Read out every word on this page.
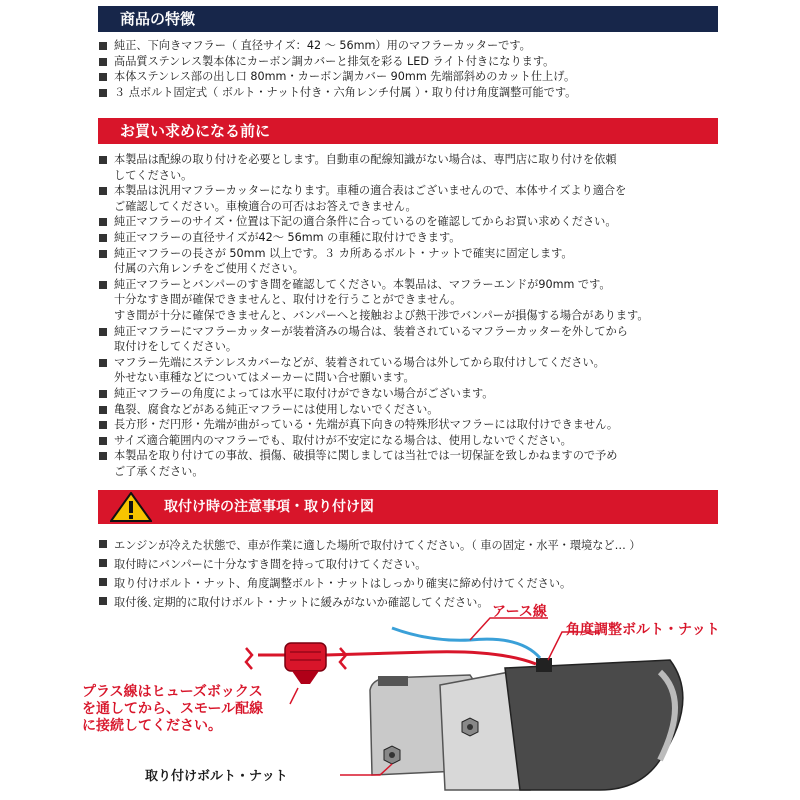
商品の特徴
純正、下向きマフラー（ 直径サイズ：42 ～ 56mm）用のマフラーカッターです。
高品質ステンレス製本体にカーボン調カバーと排気を彩る LED ライト付きになります。
本体ステンレス部の出し口 80mm・カーボン調カバー 90mm 先端部斜めのカット仕上げ。
３ 点ボルト固定式（ ボルト・ナット付き・六角レンチ付属 ）・取り付け角度調整可能です。
お買い求めになる前に
本製品は配線の取り付けを必要とします。自動車の配線知識がない場合は、専門店に取り付けを依頼
してください。
本製品は汎用マフラーカッターになります。車種の適合表はございませんので、本体サイズより適合を
ご確認してください。車検適合の可否はお答えできません。
純正マフラーのサイズ・位置は下記の適合条件に合っているのを確認してからお買い求めください。
純正マフラーの直径サイズが42～ 56mm の車種に取付けできます。
純正マフラーの長さが 50mm 以上です。３ カ所あるボルト・ナットで確実に固定します。
付属の六角レンチをご使用ください。
純正マフラーとバンパーのすき間を確認してください。本製品は、マフラーエンドが90mm です。
十分なすき間が確保できませんと、取付けを行うことができません。
すき間が十分に確保できませんと、バンパーへと接触および熱干渉でバンパーが損傷する場合があります。
純正マフラーにマフラーカッターが装着済みの場合は、装着されているマフラーカッターを外してから
取付けをしてください。
マフラー先端にステンレスカバーなどが、装着されている場合は外してから取付けしてください。
外せない車種などについてはメーカーに問い合せ願います。
純正マフラーの角度によっては水平に取付けができない場合がございます。
亀裂、腐食などがある純正マフラーには使用しないでください。
長方形・だ円形・先端が曲がっている・先端が真下向きの特殊形状マフラーには取付けできません。
サイズ適合範囲内のマフラーでも、取付けが不安定になる場合は、使用しないでください。
本製品を取り付けての事故、損傷、破損等に関しましては当社では一切保証を致しかねますので予め
ご了承ください。
取付け時の注意事項・取り付け図
エンジンが冷えた状態で、車が作業に適した場所で取付けてください。（ 車の固定・水平・環境など… ）
取付時にバンパーに十分なすき間を持って取付けてください。
取り付けボルト・ナット、角度調整ボルト・ナットはしっかり確実に締め付けてください。
取付後､定期的に取付けボルト・ナットに緩みがないか確認してください。
アース線
角度調整ボルト・ナット
プラス線はヒューズボックス
を通してから、スモール配線
に接続してください。
取り付けボルト・ナット
